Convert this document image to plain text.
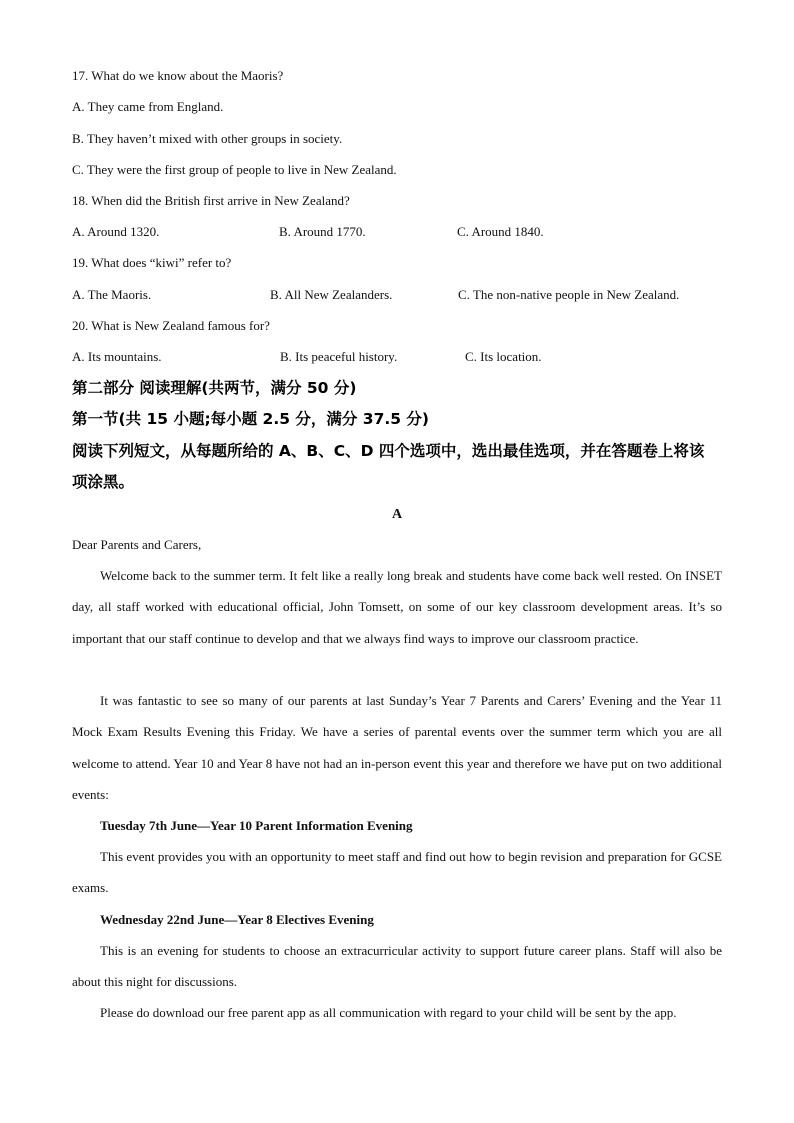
17. What do we know about the Maoris?
A. They came from England.
B. They haven’t mixed with other groups in society.
C. They were the first group of people to live in New Zealand.
18. When did the British first arrive in New Zealand?
A. Around 1320.	B. Around 1770.	C. Around 1840.
19. What does “kiwi” refer to?
A. The Maoris.	B. All New Zealanders.	C. The non-native people in New Zealand.
20. What is New Zealand famous for?
A. Its mountains.	B. Its peaceful history.	C. Its location.
第二部分 阅读理解(共两节，满分 50 分)
第一节(共 15 小题;每小题 2.5 分，满分 37.5 分)
阅读下列短文，从每题所给的 A、B、C、D 四个选项中，选出最佳选项，并在答题卷上将该
项涂黑。
A
Dear Parents and Carers,
Welcome back to the summer term. It felt like a really long break and students have come back well rested. On INSET day, all staff worked with educational official, John Tomsett, on some of our key classroom development areas. It’s so important that our staff continue to develop and that we always find ways to improve our classroom practice.
It was fantastic to see so many of our parents at last Sunday’s Year 7 Parents and Carers’ Evening and the Year 11 Mock Exam Results Evening this Friday. We have a series of parental events over the summer term which you are all welcome to attend. Year 10 and Year 8 have not had an in-person event this year and therefore we have put on two additional events:
Tuesday 7th June—Year 10 Parent Information Evening
This event provides you with an opportunity to meet staff and find out how to begin revision and preparation for GCSE exams.
Wednesday 22nd June—Year 8 Electives Evening
This is an evening for students to choose an extracurricular activity to support future career plans. Staff will also be about this night for discussions.
Please do download our free parent app as all communication with regard to your child will be sent by the app.
